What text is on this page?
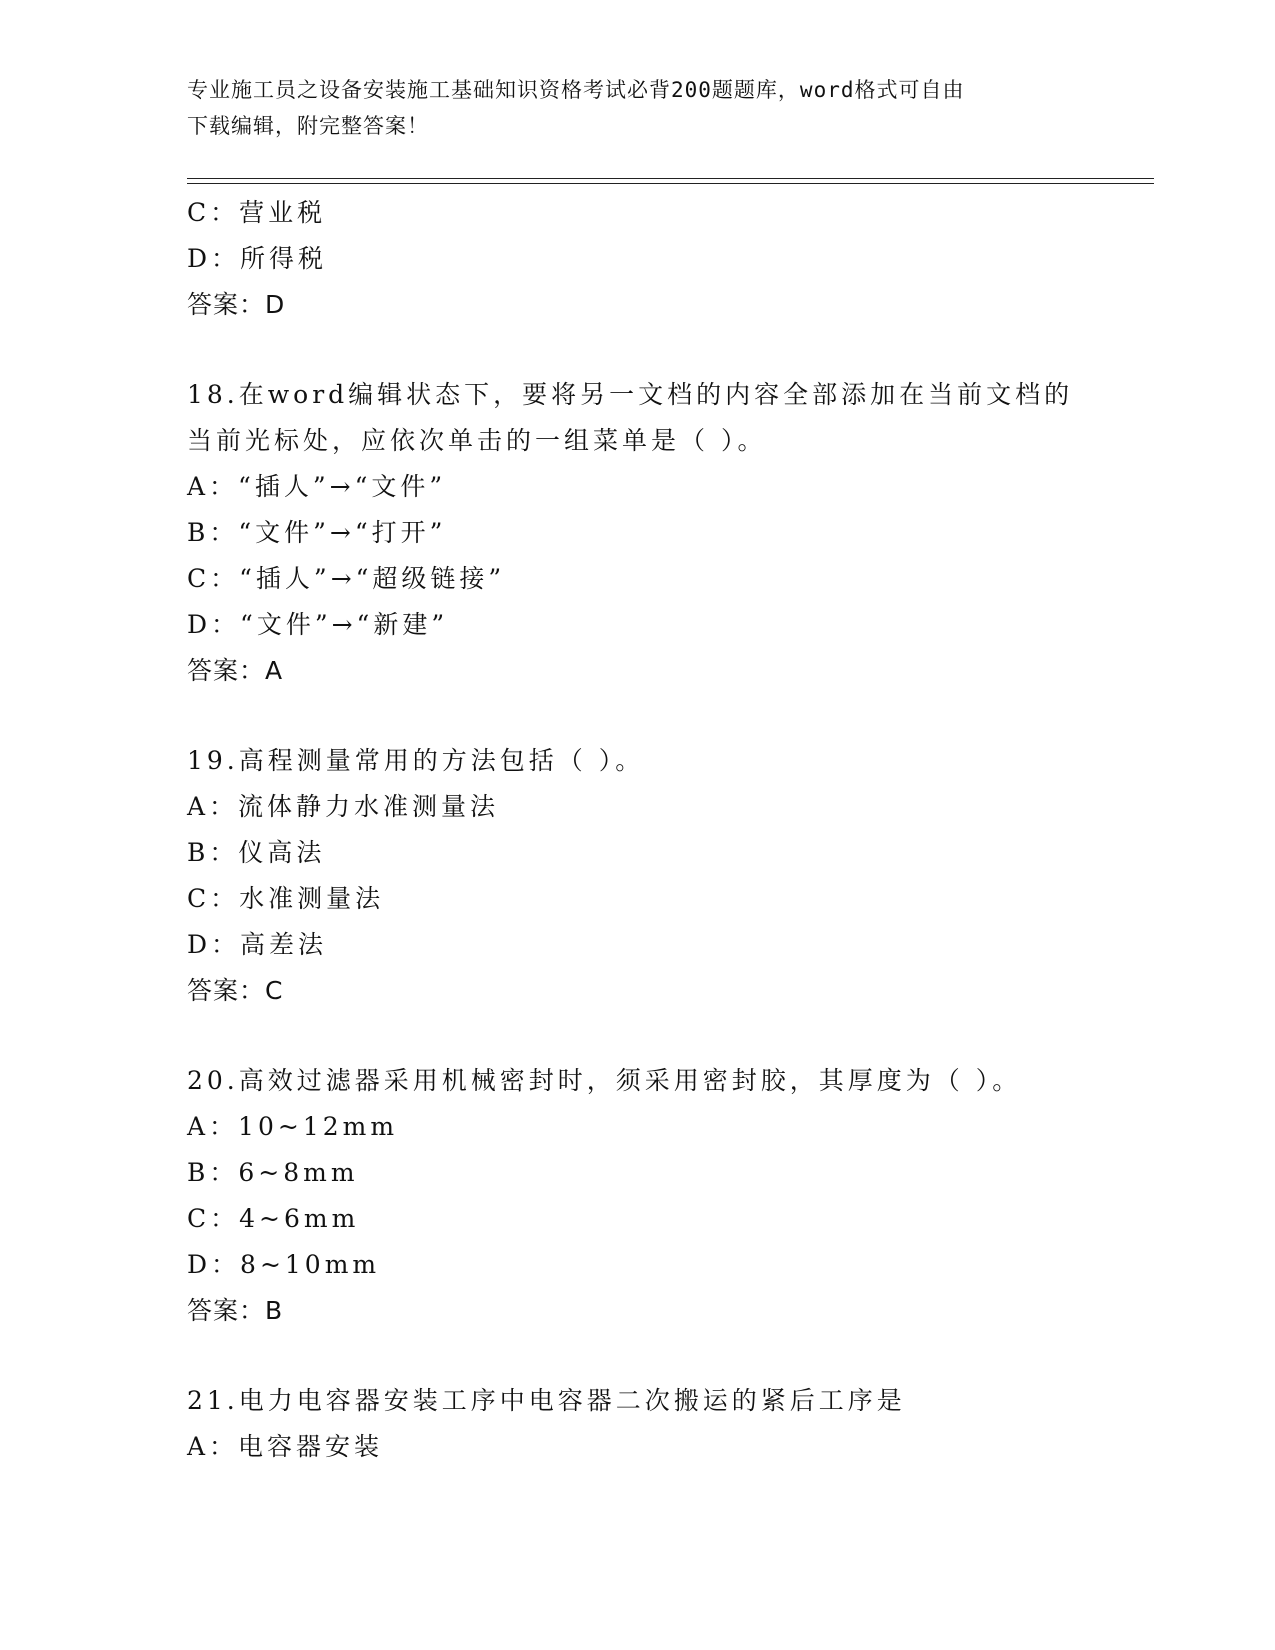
专业施工员之设备安装施工基础知识资格考试必背200题题库，word格式可自由
下载编辑，附完整答案！
C：营业税
D：所得税
答案：D
18.在word编辑状态下，要将另一文档的内容全部添加在当前文档的
当前光标处，应依次单击的一组菜单是（ ）。
A：“插人”→“文件”
B：“文件”→“打开”
C：“插人”→“超级链接”
D：“文件”→“新建”
答案：A
19.高程测量常用的方法包括（ ）。
A：流体静力水准测量法
B：仪高法
C：水准测量法
D：高差法
答案：C
20.高效过滤器采用机械密封时，须采用密封胶，其厚度为（ ）。
A：10~12mm
B：6~8mm
C：4~6mm
D：8~10mm
答案：B
21.电力电容器安装工序中电容器二次搬运的紧后工序是
A：电容器安装
